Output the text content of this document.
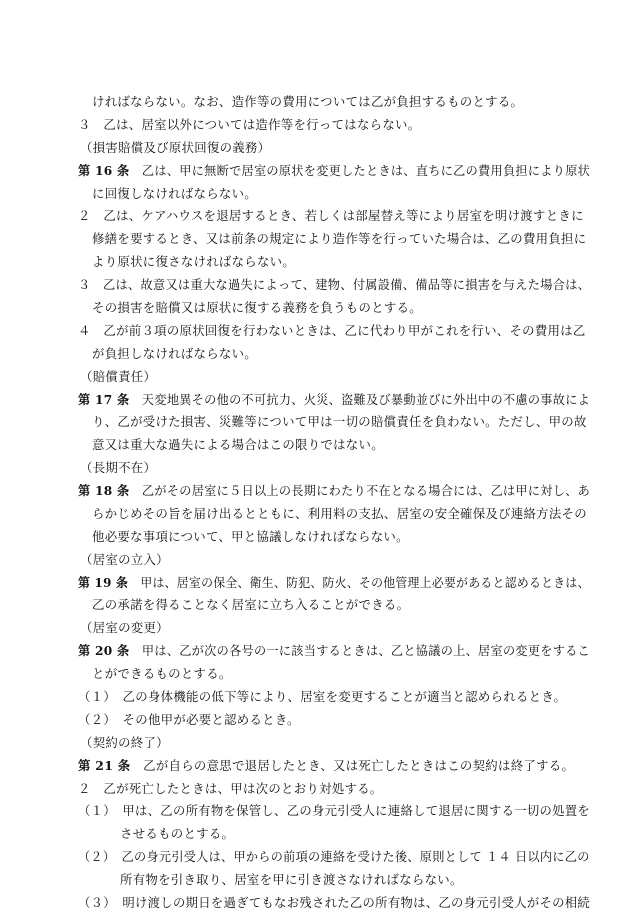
ければならない。なお、造作等の費用については乙が負担するものとする。
３　乙は、居室以外については造作等を行ってはならない。
（損害賠償及び原状回復の義務）
第 16 条　 乙は、甲に無断で居室の原状を変更したときは、直ちに乙の費用負担により原状
に回復しなければならない。
２　乙は、ケアハウスを退居するとき、若しくは部屋替え等により居室を明け渡すときに
修繕を要するとき、又は前条の規定により造作等を行っていた場合は、乙の費用負担に
より原状に復さなければならない。
３　乙は、故意又は重大な過失によって、建物、付属設備、備品等に損害を与えた場合は、
その損害を賠償又は原状に復する義務を負うものとする。
４　乙が前３項の原状回復を行わないときは、乙に代わり甲がこれを行い、その費用は乙
が負担しなければならない。
（賠償責任）
第 17 条　 天変地異その他の不可抗力、火災、盗難及び暴動並びに外出中の不慮の事故によ
り、乙が受けた損害、災難等について甲は一切の賠償責任を負わない。ただし、甲の故
意又は重大な過失による場合はこの限りではない。
（長期不在）
第 18 条　 乙がその居室に５日以上の長期にわたり不在となる場合には、乙は甲に対し、あ
らかじめその旨を届け出るとともに、利用料の支払、居室の安全確保及び連絡方法その
他必要な事項について、甲と協議しなければならない。
（居室の立入）
第 19 条　 甲は、居室の保全、衛生、防犯、防火、その他管理上必要があると認めるときは、
乙の承諾を得ることなく居室に立ち入ることができる。
（居室の変更）
第 20 条　 甲は、乙が次の各号の一に該当するときは、乙と協議の上、居室の変更をするこ
とができるものとする。
（１）　乙の身体機能の低下等により、居室を変更することが適当と認められるとき。
（２）　その他甲が必要と認めるとき。
（契約の終了）
第 21 条　 乙が自らの意思で退居したとき、又は死亡したときはこの契約は終了する。
２　乙が死亡したときは、甲は次のとおり対処する。
（１）　甲は、乙の所有物を保管し、乙の身元引受人に連絡して退居に関する一切の処置を
させるものとする。
（２）　乙の身元引受人は、甲からの前項の連絡を受けた後、原則として １４ 日以内に乙の
所有物を引き取り、居室を甲に引き渡さなければならない。
（３）　明け渡しの期日を過ぎてもなお残された乙の所有物は、乙の身元引受人がその相続
